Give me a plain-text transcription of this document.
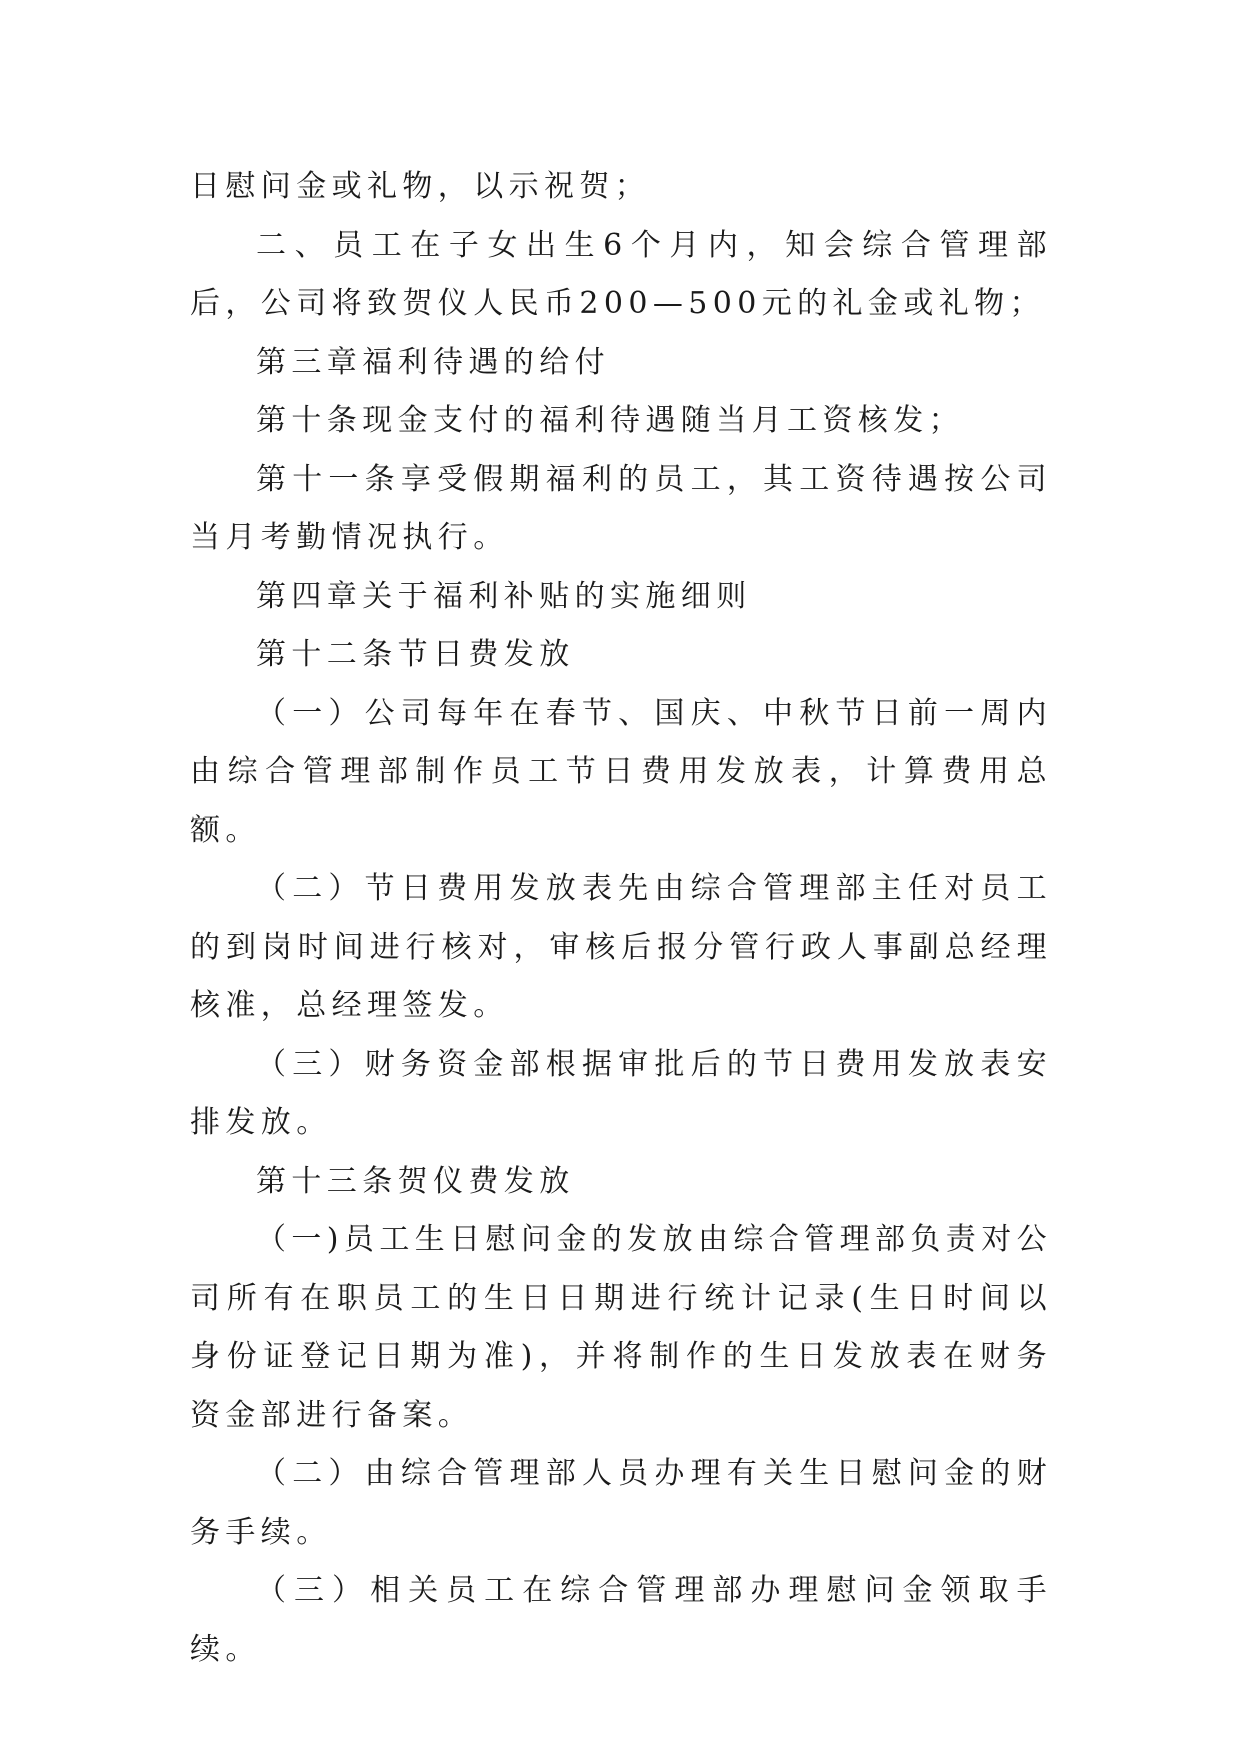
日慰问金或礼物，以示祝贺；

二、员工在子女出生6个月内，知会综合管理部后，公司将致贺仪人民币200—500元的礼金或礼物；

第三章福利待遇的给付

第十条现金支付的福利待遇随当月工资核发；

第十一条享受假期福利的员工，其工资待遇按公司当月考勤情况执行。

第四章关于福利补贴的实施细则

第十二条节日费发放

（一）公司每年在春节、国庆、中秋节日前一周内由综合管理部制作员工节日费用发放表，计算费用总额。

（二）节日费用发放表先由综合管理部主任对员工的到岗时间进行核对，审核后报分管行政人事副总经理核准，总经理签发。

（三）财务资金部根据审批后的节日费用发放表安排发放。

第十三条贺仪费发放

（一)员工生日慰问金的发放由综合管理部负责对公司所有在职员工的生日日期进行统计记录(生日时间以身份证登记日期为准)，并将制作的生日发放表在财务资金部进行备案。

（二）由综合管理部人员办理有关生日慰问金的财务手续。

（三）相关员工在综合管理部办理慰问金领取手续。
